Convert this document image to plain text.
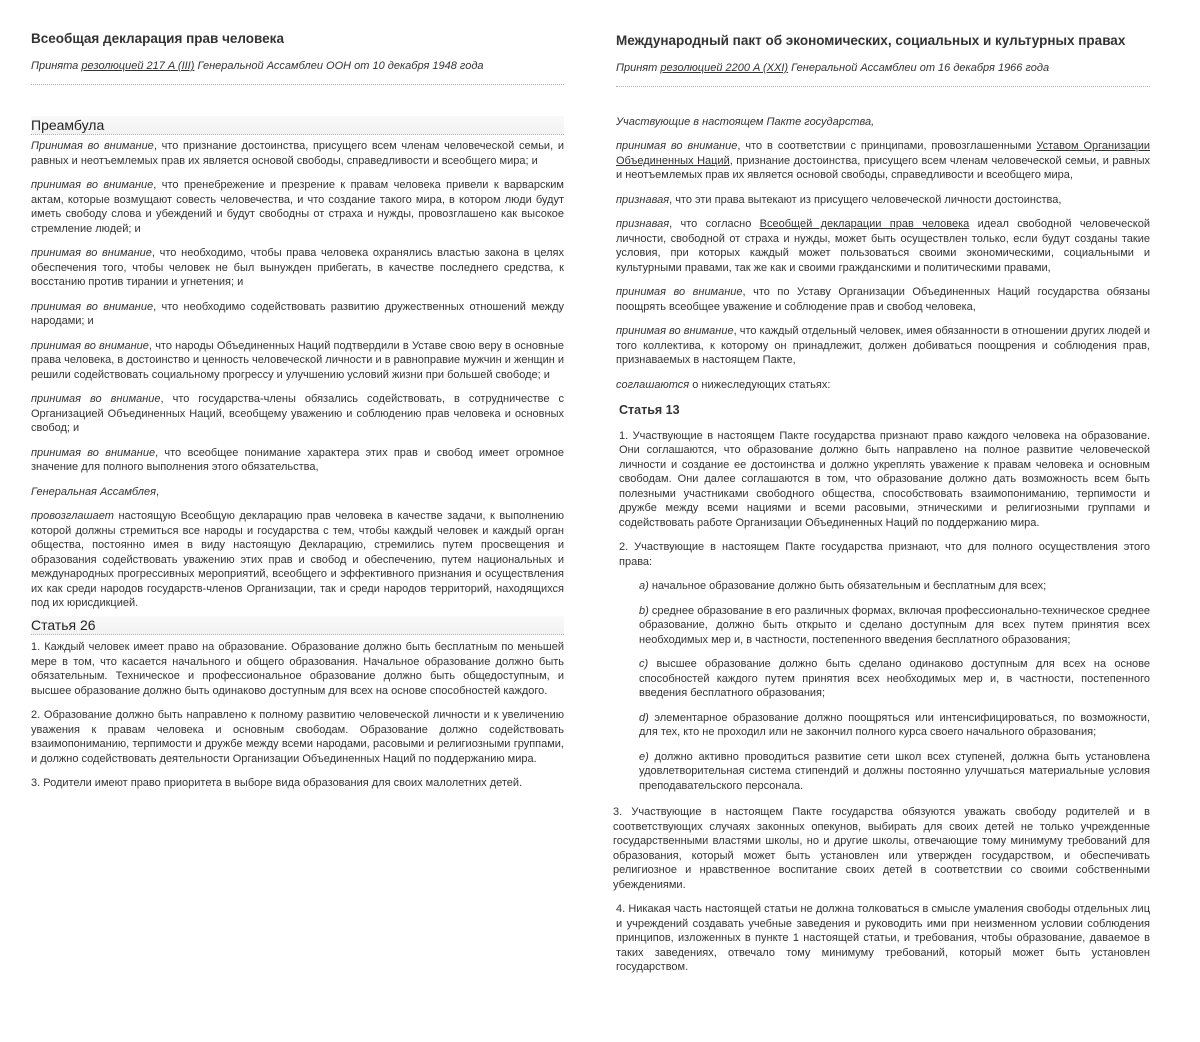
Всеобщая декларация прав человека

Принята резолюцией 217 A (III) Генеральной Ассамблеи ООН от 10 декабря 1948 года

Преамбула

Принимая во внимание, что признание достоинства, присущего всем членам человеческой семьи, и равных и неотъемлемых прав их является основой свободы, справедливости и всеобщего мира; и

принимая во внимание, что пренебрежение и презрение к правам человека привели к варварским актам, которые возмущают совесть человечества, и что создание такого мира, в котором люди будут иметь свободу слова и убеждений и будут свободны от страха и нужды, провозглашено как высокое стремление людей; и

принимая во внимание, что необходимо, чтобы права человека охранялись властью закона в целях обеспечения того, чтобы человек не был вынужден прибегать, в качестве последнего средства, к восстанию против тирании и угнетения; и

принимая во внимание, что необходимо содействовать развитию дружественных отношений между народами; и

принимая во внимание, что народы Объединенных Наций подтвердили в Уставе свою веру в основные права человека, в достоинство и ценность человеческой личности и в равноправие мужчин и женщин и решили содействовать социальному прогрессу и улучшению условий жизни при большей свободе; и

принимая во внимание, что государства-члены обязались содействовать, в сотрудничестве с Организацией Объединенных Наций, всеобщему уважению и соблюдению прав человека и основных свобод; и

принимая во внимание, что всеобщее понимание характера этих прав и свобод имеет огромное значение для полного выполнения этого обязательства,

Генеральная Ассамблея,

провозглашает настоящую Всеобщую декларацию прав человека в качестве задачи, к выполнению которой должны стремиться все народы и государства с тем, чтобы каждый человек и каждый орган общества, постоянно имея в виду настоящую Декларацию, стремились путем просвещения и образования содействовать уважению этих прав и свобод и обеспечению, путем национальных и международных прогрессивных мероприятий, всеобщего и эффективного признания и осуществления их как среди народов государств-членов Организации, так и среди народов территорий, находящихся под их юрисдикцией.

Статья 26

1. Каждый человек имеет право на образование. Образование должно быть бесплатным по меньшей мере в том, что касается начального и общего образования. Начальное образование должно быть обязательным. Техническое и профессиональное образование должно быть общедоступным, и высшее образование должно быть одинаково доступным для всех на основе способностей каждого.

2. Образование должно быть направлено к полному развитию человеческой личности и к увеличению уважения к правам человека и основным свободам. Образование должно содействовать взаимопониманию, терпимости и дружбе между всеми народами, расовыми и религиозными группами, и должно содействовать деятельности Организации Объединенных Наций по поддержанию мира.

3. Родители имеют право приоритета в выборе вида образования для своих малолетних детей.

Международный пакт об экономических, социальных и культурных правах

Принят резолюцией 2200 A (XXI) Генеральной Ассамблеи от 16 декабря 1966 года

Участвующие в настоящем Пакте государства,

принимая во внимание, что в соответствии с принципами, провозглашенными Уставом Организации Объединенных Наций, признание достоинства, присущего всем членам человеческой семьи, и равных и неотъемлемых прав их является основой свободы, справедливости и всеобщего мира,

признавая, что эти права вытекают из присущего человеческой личности достоинства,

признавая, что согласно Всеобщей декларации прав человека идеал свободной человеческой личности, свободной от страха и нужды, может быть осуществлен только, если будут созданы такие условия, при которых каждый может пользоваться своими экономическими, социальными и культурными правами, так же как и своими гражданскими и политическими правами,

принимая во внимание, что по Уставу Организации Объединенных Наций государства обязаны поощрять всеобщее уважение и соблюдение прав и свобод человека,

принимая во внимание, что каждый отдельный человек, имея обязанности в отношении других людей и того коллектива, к которому он принадлежит, должен добиваться поощрения и соблюдения прав, признаваемых в настоящем Пакте,

соглашаются о нижеследующих статьях:

Статья 13

1. Участвующие в настоящем Пакте государства признают право каждого человека на образование. Они соглашаются, что образование должно быть направлено на полное развитие человеческой личности и создание ее достоинства и должно укреплять уважение к правам человека и основным свободам. Они далее соглашаются в том, что образование должно дать возможность всем быть полезными участниками свободного общества, способствовать взаимопониманию, терпимости и дружбе между всеми нациями и всеми расовыми, этническими и религиозными группами и содействовать работе Организации Объединенных Наций по поддержанию мира.

2. Участвующие в настоящем Пакте государства признают, что для полного осуществления этого права:

a) начальное образование должно быть обязательным и бесплатным для всех;

b) среднее образование в его различных формах, включая профессионально-техническое среднее образование, должно быть открыто и сделано доступным для всех путем принятия всех необходимых мер и, в частности, постепенного введения бесплатного образования;

c) высшее образование должно быть сделано одинаково доступным для всех на основе способностей каждого путем принятия всех необходимых мер и, в частности, постепенного введения бесплатного образования;

d) элементарное образование должно поощряться или интенсифицироваться, по возможности, для тех, кто не проходил или не закончил полного курса своего начального образования;

e) должно активно проводиться развитие сети школ всех ступеней, должна быть установлена удовлетворительная система стипендий и должны постоянно улучшаться материальные условия преподавательского персонала.

3. Участвующие в настоящем Пакте государства обязуются уважать свободу родителей и в соответствующих случаях законных опекунов, выбирать для своих детей не только учрежденные государственными властями школы, но и другие школы, отвечающие тому минимуму требований для образования, который может быть установлен или утвержден государством, и обеспечивать религиозное и нравственное воспитание своих детей в соответствии со своими собственными убеждениями.

4. Никакая часть настоящей статьи не должна толковаться в смысле умаления свободы отдельных лиц и учреждений создавать учебные заведения и руководить ими при неизменном условии соблюдения принципов, изложенных в пункте 1 настоящей статьи, и требования, чтобы образование, даваемое в таких заведениях, отвечало тому минимуму требований, который может быть установлен государством.
